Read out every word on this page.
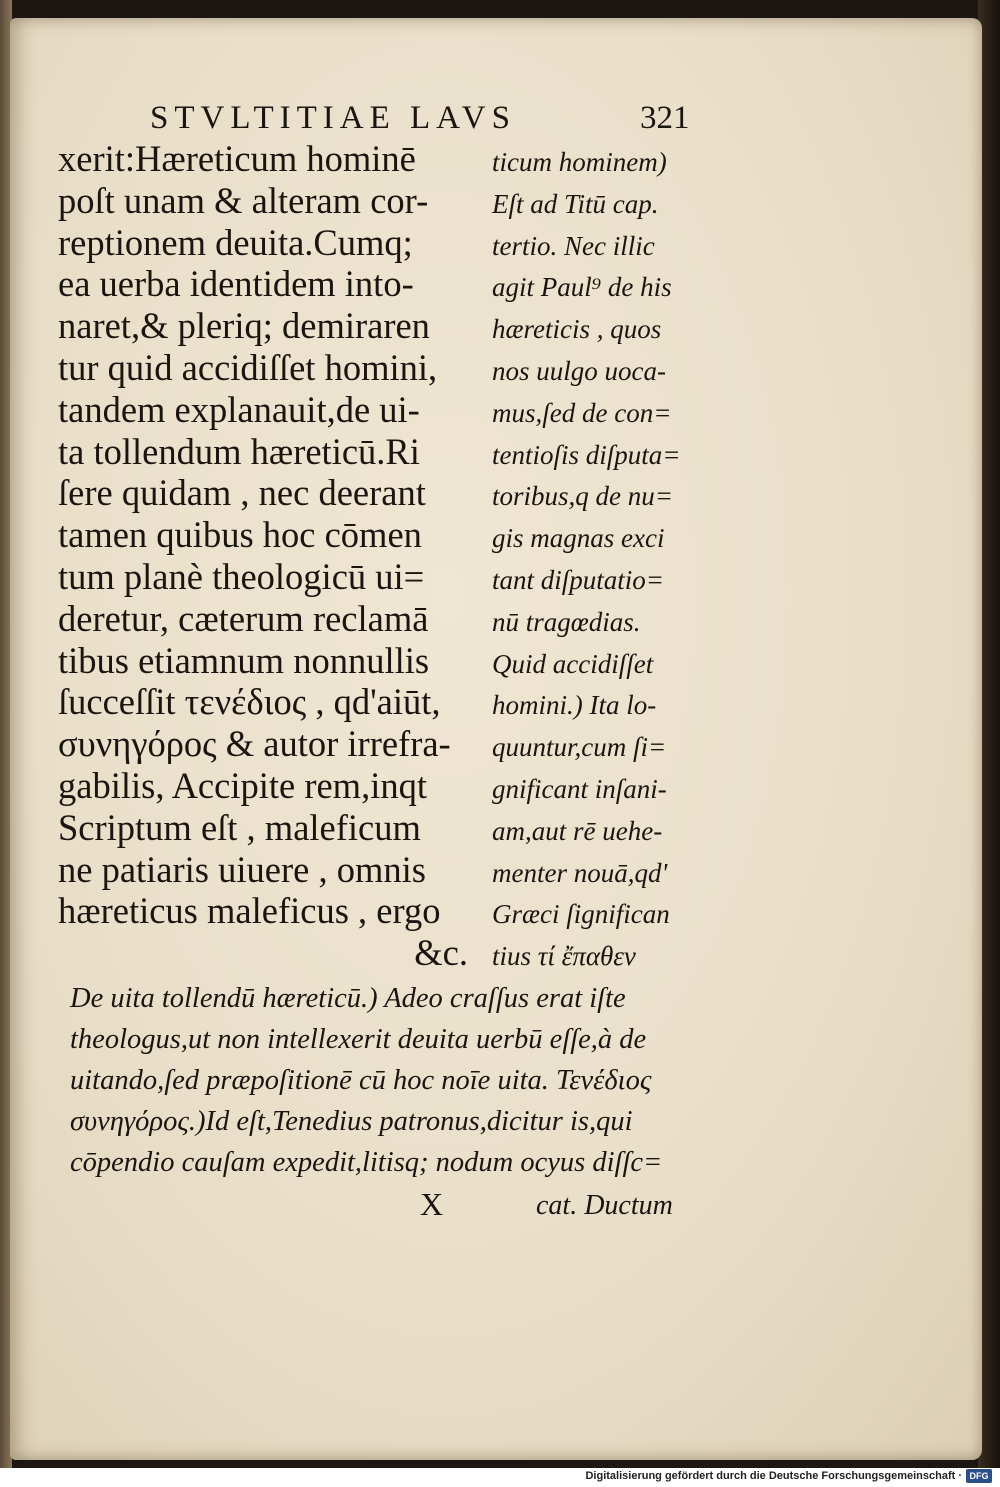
STVLTITIAE LAVS	321
xerit:Hæreticum hominē
poſt unam & alteram cor-
reptionem deuita.Cumq;
ea uerba identidem into-
naret,& pleriq; demiraren
tur quid accidiſſet homini,
tandem explanauit,de ui-
ta tollendum hæreticū.Ri
ſere quidam , nec deerant
tamen quibus hoc cōmen
tum planè theologicū ui=
deretur, cæterum reclamā
tibus etiamnum nonnullis
ſucceſſit τενέδιος , qd'aiūt,
συνηγόρος & autor irrefra-
gabilis, Accipite rem,inqt
Scriptum eſt , maleficum
ne patiaris uiuere , omnis
hæreticus maleficus , ergo
&c.
ticum hominem)
Eſt ad Titū cap.
tertio. Nec illic
agit Paul⁹ de his
hæreticis , quos
nos uulgo uoca-
mus,ſed de con=
tentioſis diſputa=
toribus,q de nu=
gis magnas exci
tant diſputatio=
nū tragœdias.
Quid accidiſſet
homini.) Ita lo-
quuntur,cum ſi=
gnificant inſani-
am,aut rē uehe-
menter nouā,qd'
Græci ſignifican
tius τί ἔπαθεν
De uita tollendū hæreticū.) Adeo craſſus erat iſte
theologus,ut non intellexerit deuita uerbū eſſe,à de
uitando,ſed præpoſitionē cū hoc noīe uita. Τενέδιος
συνηγόρος.)Id eſt,Tenedius patronus,dicitur is,qui
cōpendio cauſam expedit,litisq; nodum ocyus diſſc=
X	cat. Ductum
Digitalisierung gefördert durch die Deutsche Forschungsgemeinschaft · DFG
